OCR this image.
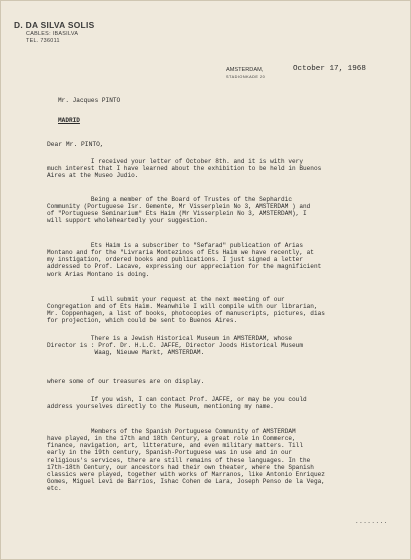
D. DA SILVA SOLIS
CABLES: IBASILVA
TEL. 736011
AMSTERDAM,
STADIONKADE 20
October 17, 1968
Mr. Jacques PINTO
MADRID
Dear Mr. PINTO,
I received your letter of October 8th. and it is with very
much interest that I have learned about the exhibition to be held in Buenos
Aires at the Museo Judio.
Being a member of the Board of Trustes of the Sephardic
Community (Portuguese Isr. Gemente, Mr Visserplein No 3, AMSTERDAM ) and
of "Portuguese Seminarium" Ets Haim (Mr Visserplein No 3, AMSTERDAM), I
will support wholeheartedly your suggestion.
Ets Haim is a subscriber to "Sefarad" publication of Arias
Montano and for the "Livraria Montezinos of Ets Haim we have recently, at
my instigation, ordered books and publications. I just signed a letter
addressed to Prof. Lacave, expressing our appreciation for the magnificient
work Arias Montano is doing.
I will submit your request at the next meeting of our
Congregation and of Ets Haim. Meanwhile I will compile with our librarian,
Mr. Coppenhagen, a list of books, photocopies of manuscripts, pictures, dias
for projection, which could be sent to Buenos Aires.
There is a Jewish Historical Museum in AMSTERDAM, whose
Director is : Prof. Dr. H.L.C. JAFFE, Director Joods Historical Museum
Waag, Nieuwe Markt, AMSTERDAM.
where some of our treasures are on display.
If you wish, I can contact Prof. JAFFE, or may be you could
address yourselves directly to the Museum, mentioning my name.
Members of the Spanish Portuguese Community of AMSTERDAM
have played, in the 17th and 18th Century, a great role in Commerce,
finance, navigation, art, litterature, and even military matters. Till
early in the 19th century, Spanish-Portuguese was in use and in our
religious's services, there are still remains of these languages. In the
17th-18th Century, our ancestors had their own theater, where the Spanish
classics were played, together with works of Marranos, like Antonio Enriquez
Gomes, Miguel Levi de Barrios, Ishac Cohen de Lara, Joseph Penso de la Vega,
etc.
........
